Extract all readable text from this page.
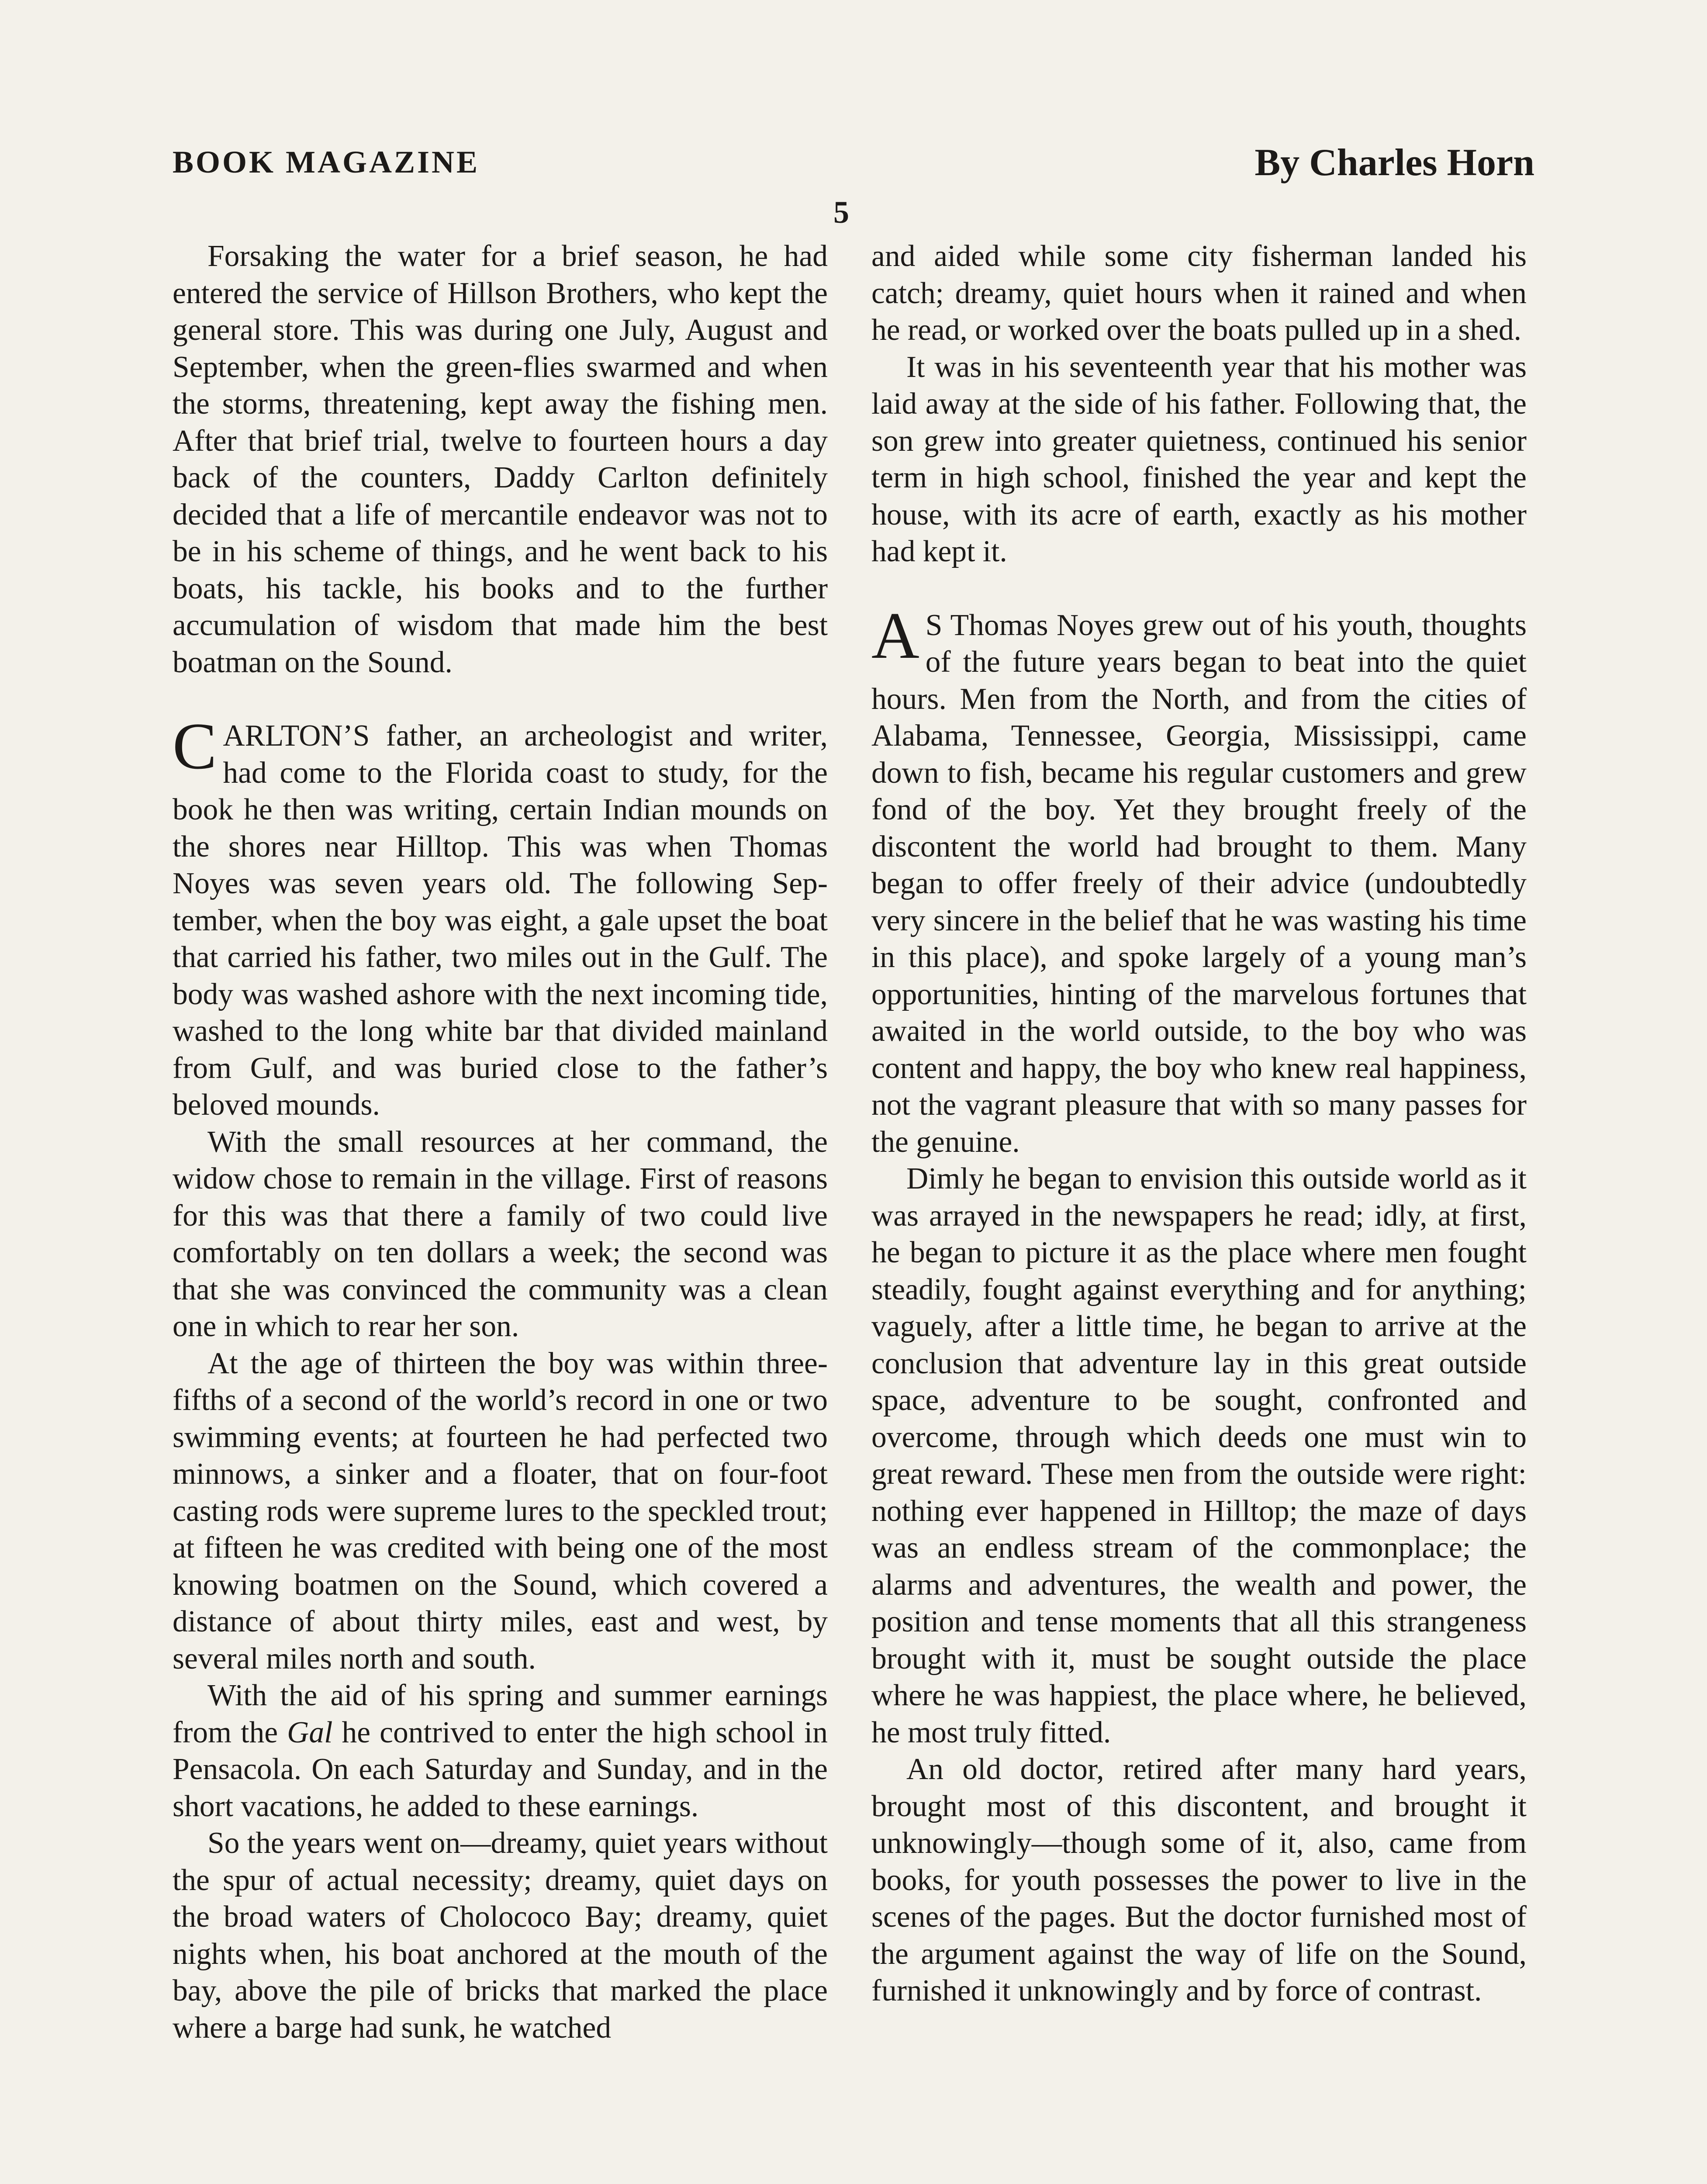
BOOK MAGAZINE	By Charles Horn
5

Forsaking the water for a brief season, he had entered the service of Hillson Brothers, who kept the general store. This was during one July, August and September, when the green-flies swarmed and when the storms, threatening, kept away the fishing men. After that brief trial, twelve to fourteen hours a day back of the counters, Daddy Carlton definitely decided that a life of mercantile endeavor was not to be in his scheme of things, and he went back to his boats, his tackle, his books and to the further accumulation of wisdom that made him the best boatman on the Sound.

CARLTON’S father, an archeologist and writer, had come to the Florida coast to study, for the book he then was writing, certain Indian mounds on the shores near Hilltop. This was when Thomas Noyes was seven years old. The following September, when the boy was eight, a gale upset the boat that carried his father, two miles out in the Gulf. The body was washed ashore with the next incoming tide, washed to the long white bar that divided mainland from Gulf, and was buried close to the father’s beloved mounds.

With the small resources at her command, the widow chose to remain in the village. First of reasons for this was that there a family of two could live comfortably on ten dollars a week; the second was that she was convinced the community was a clean one in which to rear her son.

At the age of thirteen the boy was within three-fifths of a second of the world’s record in one or two swimming events; at fourteen he had perfected two minnows, a sinker and a floater, that on four-foot casting rods were supreme lures to the speckled trout; at fifteen he was credited with being one of the most knowing boatmen on the Sound, which covered a distance of about thirty miles, east and west, by several miles north and south.

With the aid of his spring and summer earnings from the Gal he contrived to enter the high school in Pensacola. On each Saturday and Sunday, and in the short vacations, he added to these earnings.

So the years went on—dreamy, quiet years without the spur of actual necessity; dreamy, quiet days on the broad waters of Cholococo Bay; dreamy, quiet nights when, his boat anchored at the mouth of the bay, above the pile of bricks that marked the place where a barge had sunk, he watched

and aided while some city fisherman landed his catch; dreamy, quiet hours when it rained and when he read, or worked over the boats pulled up in a shed.

It was in his seventeenth year that his mother was laid away at the side of his father. Following that, the son grew into greater quietness, continued his senior term in high school, finished the year and kept the house, with its acre of earth, exactly as his mother had kept it.

A S Thomas Noyes grew out of his youth, thoughts of the future years began to beat into the quiet hours. Men from the North, and from the cities of Alabama, Tennessee, Georgia, Mississippi, came down to fish, became his regular customers and grew fond of the boy. Yet they brought freely of the discontent the world had brought to them. Many began to offer freely of their advice (undoubtedly very sincere in the belief that he was wasting his time in this place), and spoke largely of a young man’s opportunities, hinting of the marvelous fortunes that awaited in the world outside, to the boy who was content and happy, the boy who knew real happiness, not the vagrant pleasure that with so many passes for the genuine.

Dimly he began to envision this outside world as it was arrayed in the newspapers he read; idly, at first, he began to picture it as the place where men fought steadily, fought against everything and for anything; vaguely, after a little time, he began to arrive at the conclusion that adventure lay in this great outside space, adventure to be sought, confronted and overcome, through which deeds one must win to great reward. These men from the outside were right: nothing ever happened in Hilltop; the maze of days was an endless stream of the commonplace; the alarms and adventures, the wealth and power, the position and tense moments that all this strangeness brought with it, must be sought outside the place where he was happiest, the place where, he believed, he most truly fitted.

An old doctor, retired after many hard years, brought most of this discontent, and brought it unknowingly—though some of it, also, came from books, for youth possesses the power to live in the scenes of the pages. But the doctor furnished most of the argument against the way of life on the Sound, furnished it unknowingly and by force of contrast.
